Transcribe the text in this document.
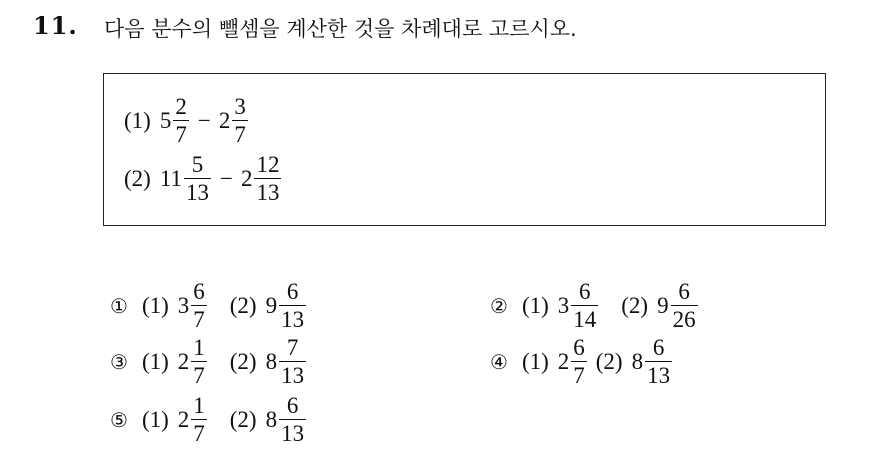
11. 다음 분수의 뺄셈을 계산한 것을 차례대로 고르시오.
(1) $5 \frac{2}{7} - 2 \frac{3}{7}$
(2) $11 \frac{5}{13} - 2 \frac{12}{13}$
① (1) $3 \frac{6}{7} (2)$ $9 \frac{6}{13}$	② (1) $3 \frac{6}{14} (2)$ $9 \frac{6}{26}$
③ (1) $2 \frac{1}{7} (2)$ $8 \frac{7}{13}$	④ (1) $2 \frac{6}{7} (2)$ $8 \frac{6}{13}$
⑤ (1) $2 \frac{1}{7} (2)$ $8 \frac{6}{13}$
